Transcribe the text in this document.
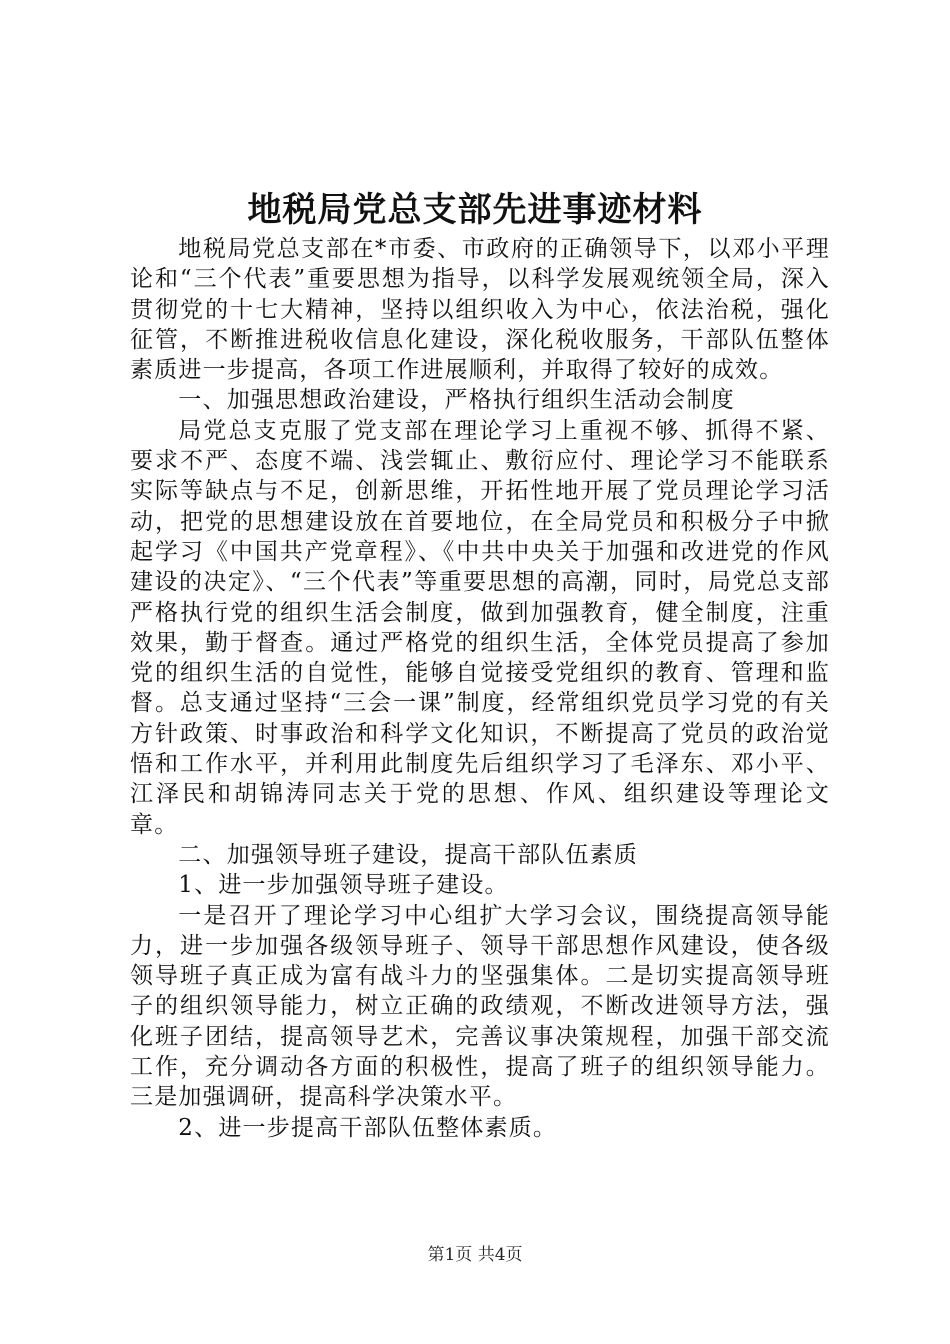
地税局党总支部先进事迹材料

地税局党总支部在*市委、市政府的正确领导下，以邓小平理论和“三个代表”重要思想为指导，以科学发展观统领全局，深入贯彻党的十七大精神，坚持以组织收入为中心，依法治税，强化征管，不断推进税收信息化建设，深化税收服务，干部队伍整体素质进一步提高，各项工作进展顺利，并取得了较好的成效。

一、加强思想政治建设，严格执行组织生活动会制度

局党总支克服了党支部在理论学习上重视不够、抓得不紧、要求不严、态度不端、浅尝辄止、敷衍应付、理论学习不能联系实际等缺点与不足，创新思维，开拓性地开展了党员理论学习活动，把党的思想建设放在首要地位，在全局党员和积极分子中掀起学习《中国共产党章程》、《中共中央关于加强和改进党的作风建设的决定》、“三个代表”等重要思想的高潮，同时，局党总支部严格执行党的组织生活会制度，做到加强教育，健全制度，注重效果，勤于督查。通过严格党的组织生活，全体党员提高了参加党的组织生活的自觉性，能够自觉接受党组织的教育、管理和监督。总支通过坚持“三会一课”制度，经常组织党员学习党的有关方针政策、时事政治和科学文化知识，不断提高了党员的政治觉悟和工作水平，并利用此制度先后组织学习了毛泽东、邓小平、江泽民和胡锦涛同志关于党的思想、作风、组织建设等理论文章。

二、加强领导班子建设，提高干部队伍素质

1、进一步加强领导班子建设。

一是召开了理论学习中心组扩大学习会议，围绕提高领导能力，进一步加强各级领导班子、领导干部思想作风建设，使各级领导班子真正成为富有战斗力的坚强集体。二是切实提高领导班子的组织领导能力，树立正确的政绩观，不断改进领导方法，强化班子团结，提高领导艺术，完善议事决策规程，加强干部交流工作，充分调动各方面的积极性，提高了班子的组织领导能力。三是加强调研，提高科学决策水平。

2、进一步提高干部队伍整体素质。

第1页 共4页
